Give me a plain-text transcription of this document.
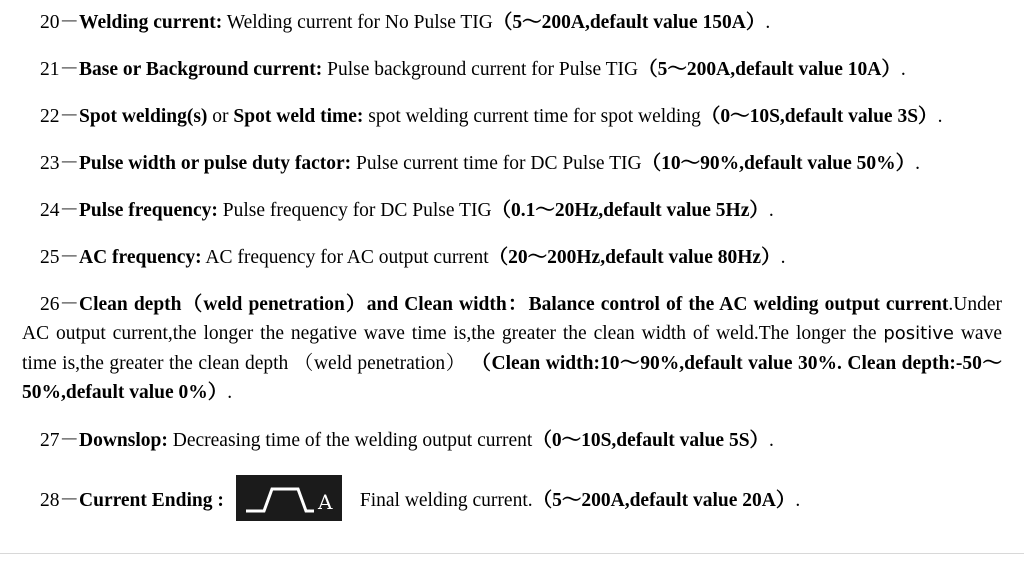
20－Welding current: Welding current for No Pulse TIG（5～200A,default value 150A）.

21－Base or Background current: Pulse background current for Pulse TIG（5～200A,default value 10A）.

22－Spot welding(s) or Spot weld time: spot welding current time for spot welding（0～10S,default value 3S）.

23－Pulse width or pulse duty factor: Pulse current time for DC Pulse TIG（10～90%,default value 50%）.

24－Pulse frequency: Pulse frequency for DC Pulse TIG（0.1～20Hz,default value 5Hz）.

25－AC frequency: AC frequency for AC output current（20～200Hz,default value 80Hz）.

26－Clean depth（weld penetration）and Clean width：Balance control of the AC welding output current.Under AC output current,the longer the negative wave time is,the greater the clean width of weld.The longer the positive wave time is,the greater the clean depth （weld penetration） （Clean width:10～90%,default value 30%. Clean depth:-50～50%,default value 0%）.

27－Downslop: Decreasing time of the welding output current（0～10S,default value 5S）.

28－Current Ending :	A Final welding current.（5～200A,default value 20A）.
